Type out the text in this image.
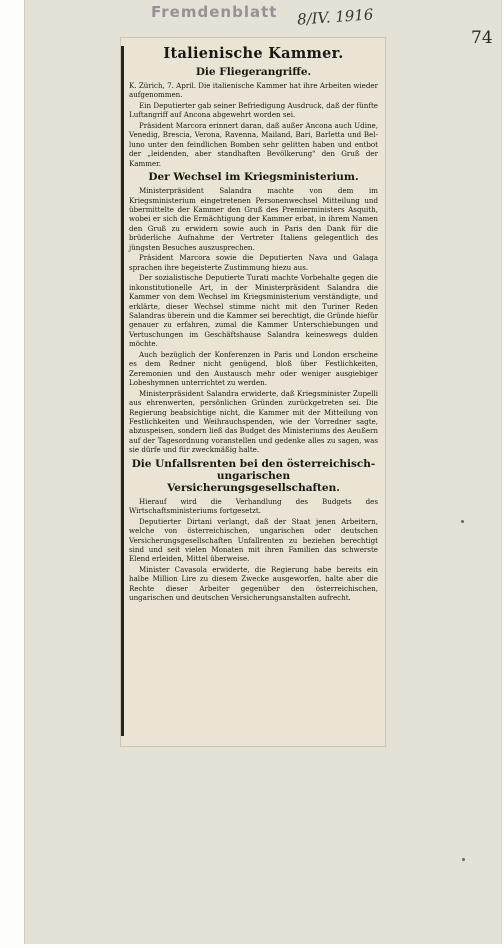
Fremdenblatt 8/IV. 1916
74
Italienische Kammer.
Die Fliegerangriffe.

K. Zürich, 7. April. Die italienische Kammer hat ihre Arbeiten wieder aufgenommen.

Ein Deputierter gab seiner Befriedigung Ausdruck, daß der fünfte Luftangriff auf Ancona abgewehrt worden sei.

Präsident Marcora erinnert daran, daß außer Ancona auch Udine, Venedig, Brescia, Verona, Ravenna, Mailand, Bari, Barletta und Bel-luno unter den feindlichen Bomben sehr gelitten haben und entbot der „leidenden, aber standhaften Bevölkerung" den Gruß der Kammer.

Der Wechsel im Kriegsministerium.

Ministerpräsident Salandra machte von dem im Kriegsministerium eingetretenen Personenwechsel Mitteilung und übermittelte der Kammer den Gruß des Premierministers Asquith, wobei er sich die Ermächtigung der Kammer erbat, in ihrem Namen den Gruß zu erwidern sowie auch in Paris den Dank für die brüderliche Aufnahme der Vertreter Italiens gelegentlich des jüngsten Besuches auszusprechen.

Präsident Marcora sowie die Deputierten Nava und Galaga sprachen ihre begeisterte Zustimmung hiezu aus.

Der sozialistische Deputierte Turati machte Vorbehalte gegen die inkonstitutionelle Art, in der Ministerpräsident Salandra die Kammer von dem Wechsel im Kriegsministerium verständigte, und erklärte, dieser Wechsel stimme nicht mit den Turiner Reden Salandras überein und die Kammer sei berechtigt, die Gründe hiefür genauer zu erfahren, zumal die Kammer Unterschiebungen und Vertuschungen im Geschäftshause Salandra keineswegs dulden möchte.

Auch bezüglich der Konferenzen in Paris und London erscheine es dem Redner nicht genügend, bloß über Festlichkeiten, Zeremonien und den Austausch mehr oder weniger ausgiebiger Lobeshymnen unterrichtet zu werden.

Ministerpräsident Salandra erwiderte, daß Kriegsminister Zupelli aus ehrenwerten, persönlichen Gründen zurückgetreten sei. Die Regierung beabsichtige nicht, die Kammer mit der Mitteilung von Festlichkeiten und Weihrauchspenden, wie der Vorredner sagte, abzuspeisen, sondern ließ das Budget des Ministeriums des Aeußern auf der Tagesordnung voranstellen und gedenke alles zu sagen, was sie dürfe und für zweckmäßig halte.

Die Unfallsrenten bei den österreichisch-ungarischen Versicherungsgesellschaften.

Hierauf wird die Verhandlung des Budgets des Wirtschaftsministeriums fortgesetzt.

Deputierter Dirtani verlangt, daß der Staat jenen Arbeitern, welche von österreichischen, ungarischen oder deutschen Versicherungsgesellschaften Unfallrenten zu beziehen berechtigt sind und seit vielen Monaten mit ihren Familien das schwerste Elend erleiden, Mittel überweise.

Minister Cavasola erwiderte, die Regierung habe bereits ein halbe Million Lire zu diesem Zwecke ausgeworfen, halte aber die Rechte dieser Arbeiter gegenüber den österreichischen, ungarischen und deutschen Versicherungsanstalten aufrecht.
